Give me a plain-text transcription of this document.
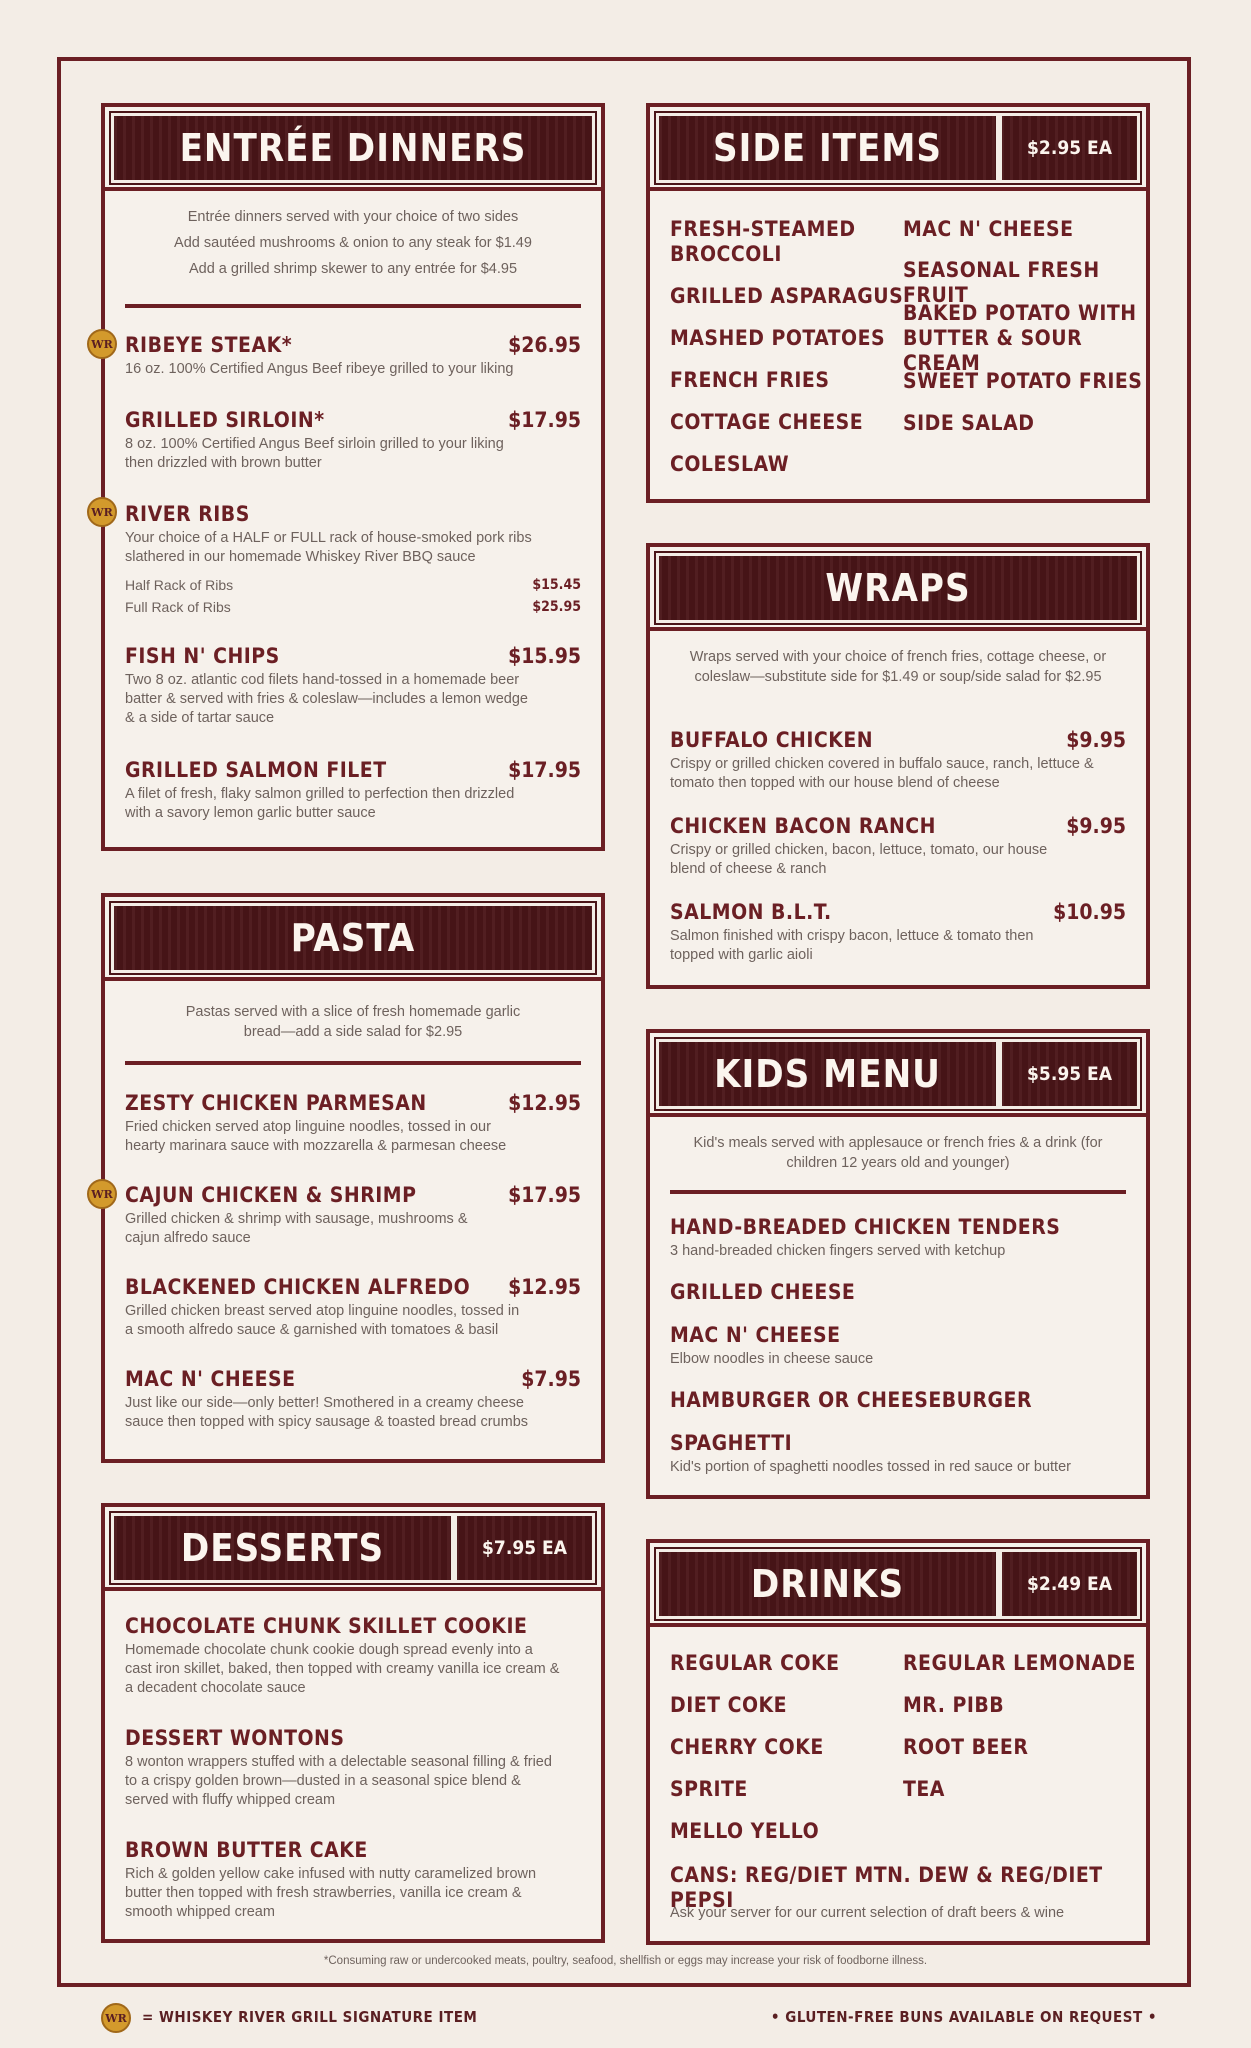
ENTRÉE DINNERS
Entrée dinners served with your choice of two sides
Add sautéed mushrooms & onion to any steak for $1.49
Add a grilled shrimp skewer to any entrée for $4.95
RIBEYE STEAK*	$26.95
16 oz. 100% Certified Angus Beef ribeye grilled to your liking
GRILLED SIRLOIN*	$17.95
8 oz. 100% Certified Angus Beef sirloin grilled to your liking then drizzled with brown butter
RIVER RIBS
Your choice of a HALF or FULL rack of house-smoked pork ribs slathered in our homemade Whiskey River BBQ sauce
Half Rack of Ribs	$15.45
Full Rack of Ribs	$25.95
FISH N' CHIPS	$15.95
Two 8 oz. atlantic cod filets hand-tossed in a homemade beer batter & served with fries & coleslaw—includes a lemon wedge & a side of tartar sauce
GRILLED SALMON FILET	$17.95
A filet of fresh, flaky salmon grilled to perfection then drizzled with a savory lemon garlic butter sauce
WR
WR
PASTA
Pastas served with a slice of fresh homemade garlic bread—add a side salad for $2.95
ZESTY CHICKEN PARMESAN	$12.95
Fried chicken served atop linguine noodles, tossed in our hearty marinara sauce with mozzarella & parmesan cheese
CAJUN CHICKEN & SHRIMP	$17.95
Grilled chicken & shrimp with sausage, mushrooms & cajun alfredo sauce
BLACKENED CHICKEN ALFREDO	$12.95
Grilled chicken breast served atop linguine noodles, tossed in a smooth alfredo sauce & garnished with tomatoes & basil
MAC N' CHEESE	$7.95
Just like our side—only better! Smothered in a creamy cheese sauce then topped with spicy sausage & toasted bread crumbs
WR
DESSERTS	$7.95 EA
CHOCOLATE CHUNK SKILLET COOKIE
Homemade chocolate chunk cookie dough spread evenly into a cast iron skillet, baked, then topped with creamy vanilla ice cream & a decadent chocolate sauce
DESSERT WONTONS
8 wonton wrappers stuffed with a delectable seasonal filling & fried to a crispy golden brown—dusted in a seasonal spice blend & served with fluffy whipped cream
BROWN BUTTER CAKE
Rich & golden yellow cake infused with nutty caramelized brown butter then topped with fresh strawberries, vanilla ice cream & smooth whipped cream
SIDE ITEMS	$2.95 EA
FRESH-STEAMED BROCCOLI
GRILLED ASPARAGUS
MASHED POTATOES
FRENCH FRIES
COTTAGE CHEESE
COLESLAW
MAC N' CHEESE
SEASONAL FRESH FRUIT
BAKED POTATO WITH BUTTER & SOUR CREAM
SWEET POTATO FRIES
SIDE SALAD
WRAPS
Wraps served with your choice of french fries, cottage cheese, or coleslaw—substitute side for $1.49 or soup/side salad for $2.95
BUFFALO CHICKEN	$9.95
Crispy or grilled chicken covered in buffalo sauce, ranch, lettuce & tomato then topped with our house blend of cheese
CHICKEN BACON RANCH	$9.95
Crispy or grilled chicken, bacon, lettuce, tomato, our house blend of cheese & ranch
SALMON B.L.T.	$10.95
Salmon finished with crispy bacon, lettuce & tomato then topped with garlic aioli
KIDS MENU	$5.95 EA
Kid's meals served with applesauce or french fries & a drink (for children 12 years old and younger)
HAND-BREADED CHICKEN TENDERS
3 hand-breaded chicken fingers served with ketchup
GRILLED CHEESE
MAC N' CHEESE
Elbow noodles in cheese sauce
HAMBURGER OR CHEESEBURGER
SPAGHETTI
Kid's portion of spaghetti noodles tossed in red sauce or butter
DRINKS	$2.49 EA
REGULAR COKE
DIET COKE
CHERRY COKE
SPRITE
MELLO YELLO
REGULAR LEMONADE
MR. PIBB
ROOT BEER
TEA
CANS: REG/DIET MTN. DEW & REG/DIET PEPSI
Ask your server for our current selection of draft beers & wine
*Consuming raw or undercooked meats, poultry, seafood, shellfish or eggs may increase your risk of foodborne illness.
WR = WHISKEY RIVER GRILL SIGNATURE ITEM	• GLUTEN-FREE BUNS AVAILABLE ON REQUEST •
